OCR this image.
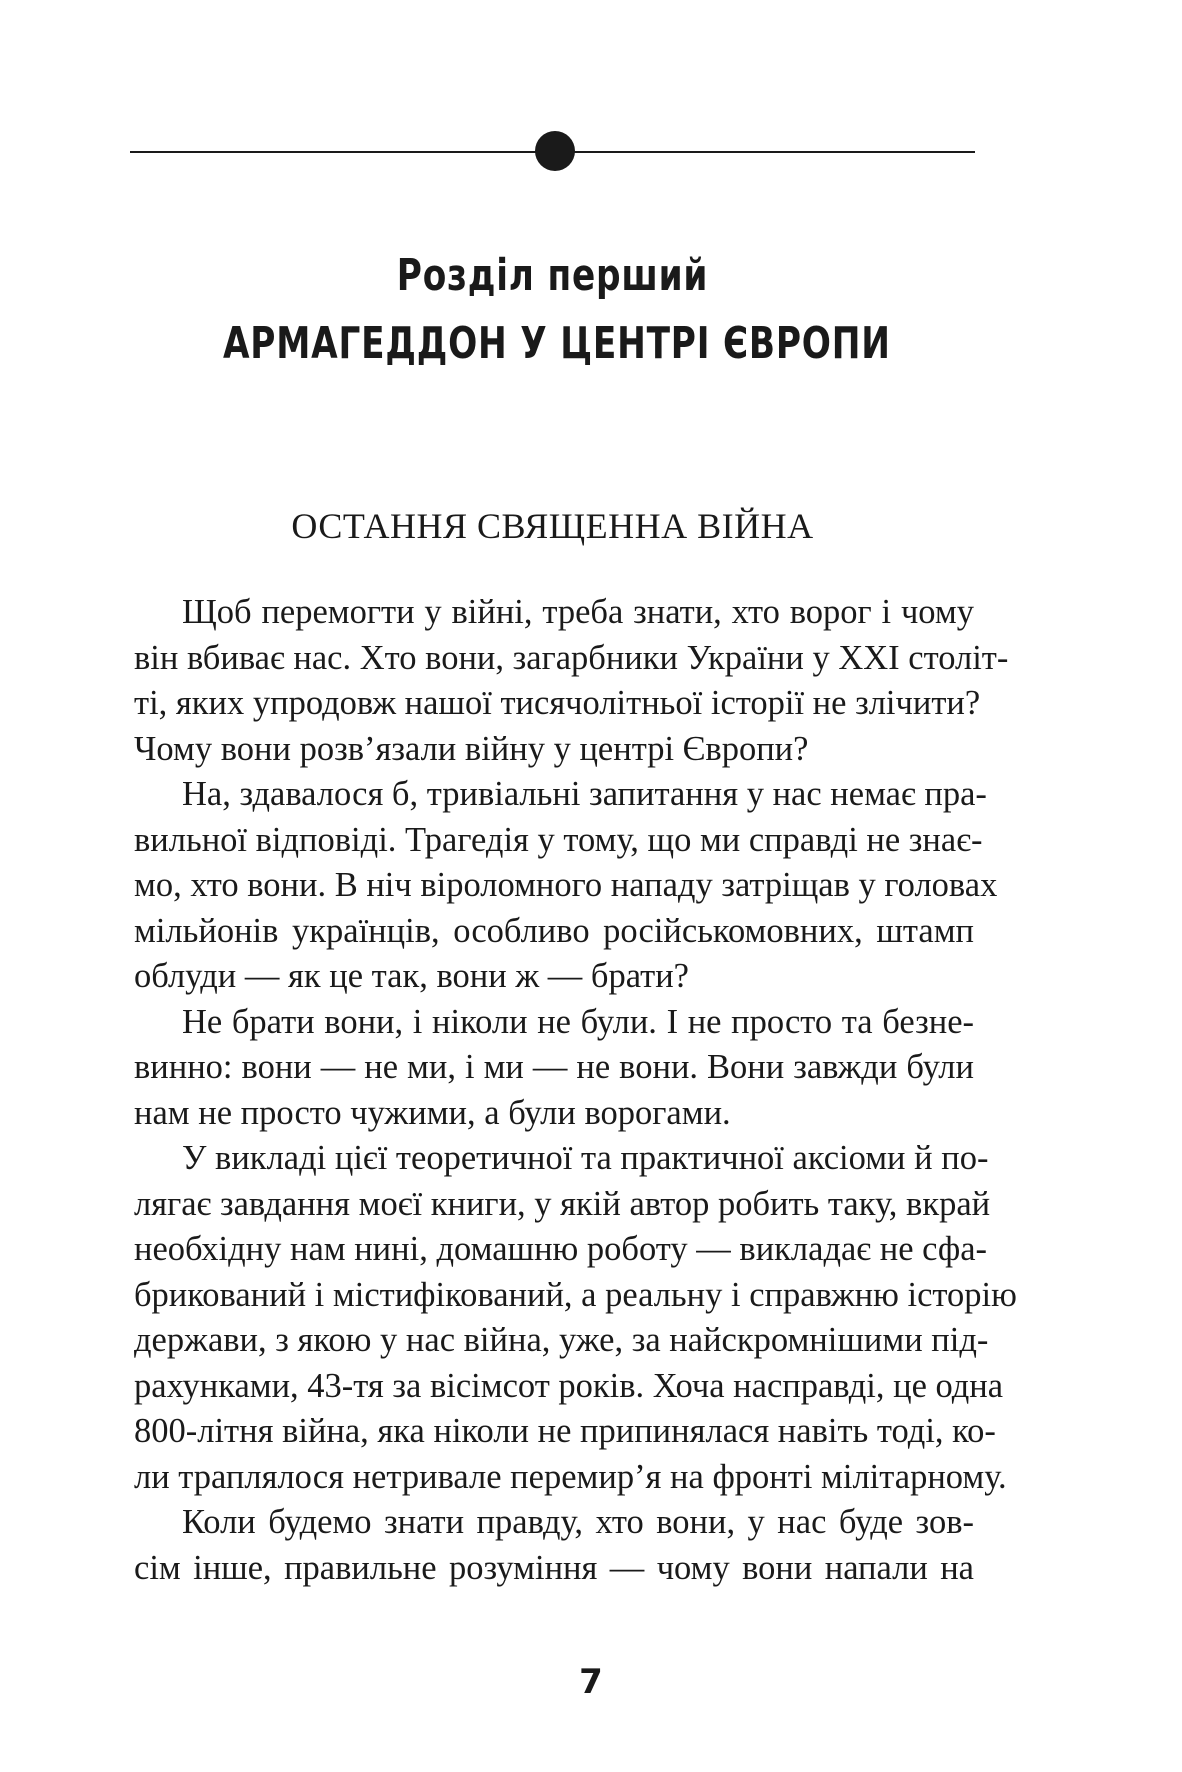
Розділ перший
АРМАГЕДДОН У ЦЕНТРІ ЄВРОПИ
ОСТАННЯ СВЯЩЕННА ВІЙНА
Щоб перемогти у війні, треба знати, хто ворог і чому
він вбиває нас. Хто вони, загарбники України у ХХІ століт-
ті, яких упродовж нашої тисячолітньої історії не злічити?
Чому вони розв’язали війну у центрі Європи?
На, здавалося б, тривіальні запитання у нас немає пра-
вильної відповіді. Трагедія у тому, що ми справді не знає-
мо, хто вони. В ніч віроломного нападу затріщав у головах
мільйонів українців, особливо російськомовних, штамп
облуди — як це так, вони ж — брати?
Не брати вони, і ніколи не були. І не просто та безне-
винно: вони — не ми, і ми — не вони. Вони завжди були
нам не просто чужими, а були ворогами.
У викладі цієї теоретичної та практичної аксіоми й по-
лягає завдання моєї книги, у якій автор робить таку, вкрай
необхідну нам нині, домашню роботу — викладає не сфа-
брикований і містифікований, а реальну і справжню історію
держави, з якою у нас війна, уже, за найскромнішими під-
рахунками, 43-тя за вісімсот років. Хоча насправді, це одна
800-літня війна, яка ніколи не припинялася навіть тоді, ко-
ли траплялося нетривале перемир’я на фронті мілітарному.
Коли будемо знати правду, хто вони, у нас буде зов-
сім інше, правильне розуміння — чому вони напали на
7
